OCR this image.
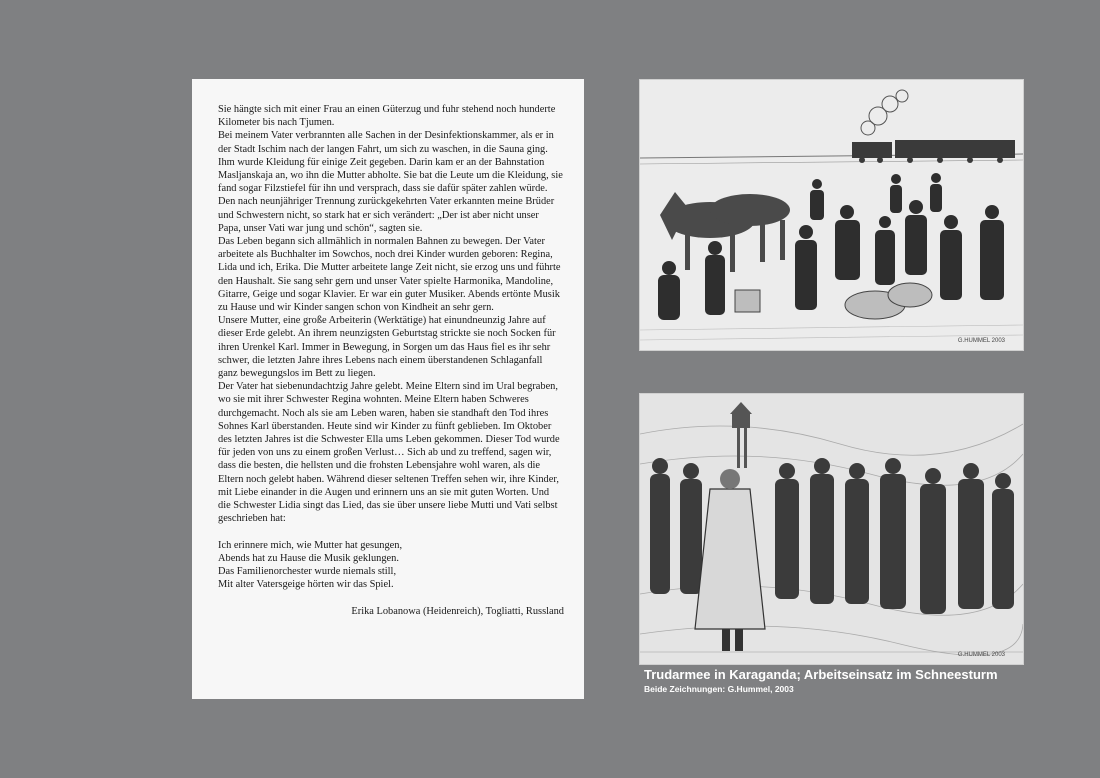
Sie hängte sich mit einer Frau an einen Güterzug und fuhr stehend noch hunderte Kilometer bis nach Tjumen.

Bei meinem Vater verbrannten alle Sachen in der Desinfektionskammer, als er in der Stadt Ischim nach der langen Fahrt, um sich zu waschen, in die Sauna ging. Ihm wurde Kleidung für einige Zeit gegeben. Darin kam er an der Bahnstation Masljanskaja an, wo ihn die Mutter abholte. Sie bat die Leute um die Kleidung, sie fand sogar Filzstiefel für ihn und versprach, dass sie dafür später zahlen würde.

Den nach neunjähriger Trennung zurückgekehrten Vater erkannten meine Brüder und Schwestern nicht, so stark hat er sich verändert: „Der ist aber nicht unser Papa, unser Vati war jung und schön“, sagten sie.

Das Leben begann sich allmählich in normalen Bahnen zu bewegen. Der Vater arbeitete als Buchhalter im Sowchos, noch drei Kinder wurden geboren: Regina, Lida und ich, Erika. Die Mutter arbeitete lange Zeit nicht, sie erzog uns und führte den Haushalt. Sie sang sehr gern und unser Vater spielte Harmonika, Mandoline, Gitarre, Geige und sogar Klavier. Er war ein guter Musiker. Abends ertönte Musik zu Hause und wir Kinder sangen schon von Kindheit an sehr gern.

Unsere Mutter, eine große Arbeiterin (Werktätige) hat einundneunzig Jahre auf dieser Erde gelebt. An ihrem neunzigsten Geburtstag strickte sie noch Socken für ihren Urenkel Karl. Immer in Bewegung, in Sorgen um das Haus fiel es ihr sehr schwer, die letzten Jahre ihres Lebens nach einem überstandenen Schlaganfall ganz bewegungslos im Bett zu liegen.

Der Vater hat siebenundachtzig Jahre gelebt. Meine Eltern sind im Ural begraben, wo sie mit ihrer Schwester Regina wohnten. Meine Eltern haben Schweres durchgemacht. Noch als sie am Leben waren, haben sie standhaft den Tod ihres Sohnes Karl überstanden. Heute sind wir Kinder zu fünft geblieben. Im Oktober des letzten Jahres ist die Schwester Ella ums Leben gekommen. Dieser Tod wurde für jeden von uns zu einem großen Verlust… Sich ab und zu treffend, sagen wir, dass die besten, die hellsten und die frohsten Lebensjahre wohl waren, als die Eltern noch gelebt haben. Während dieser seltenen Treffen sehen wir, ihre Kinder, mit Liebe einander in die Augen und erinnern uns an sie mit guten Worten. Und die Schwester Lidia singt das Lied, das sie über unsere liebe Mutti und Vati selbst geschrieben hat:

Ich erinnere mich, wie Mutter hat gesungen,
Abends hat zu Hause die Musik geklungen.
Das Familienorchester wurde niemals still,
Mit alter Vatersgeige hörten wir das Spiel.
Erika Lobanowa (Heidenreich), Togliatti, Russland
G.HUMMEL 2003
G.HUMMEL 2003
Trudarmee in Karaganda; Arbeitseinsatz im Schneesturm
Beide Zeichnungen: G.Hummel, 2003
